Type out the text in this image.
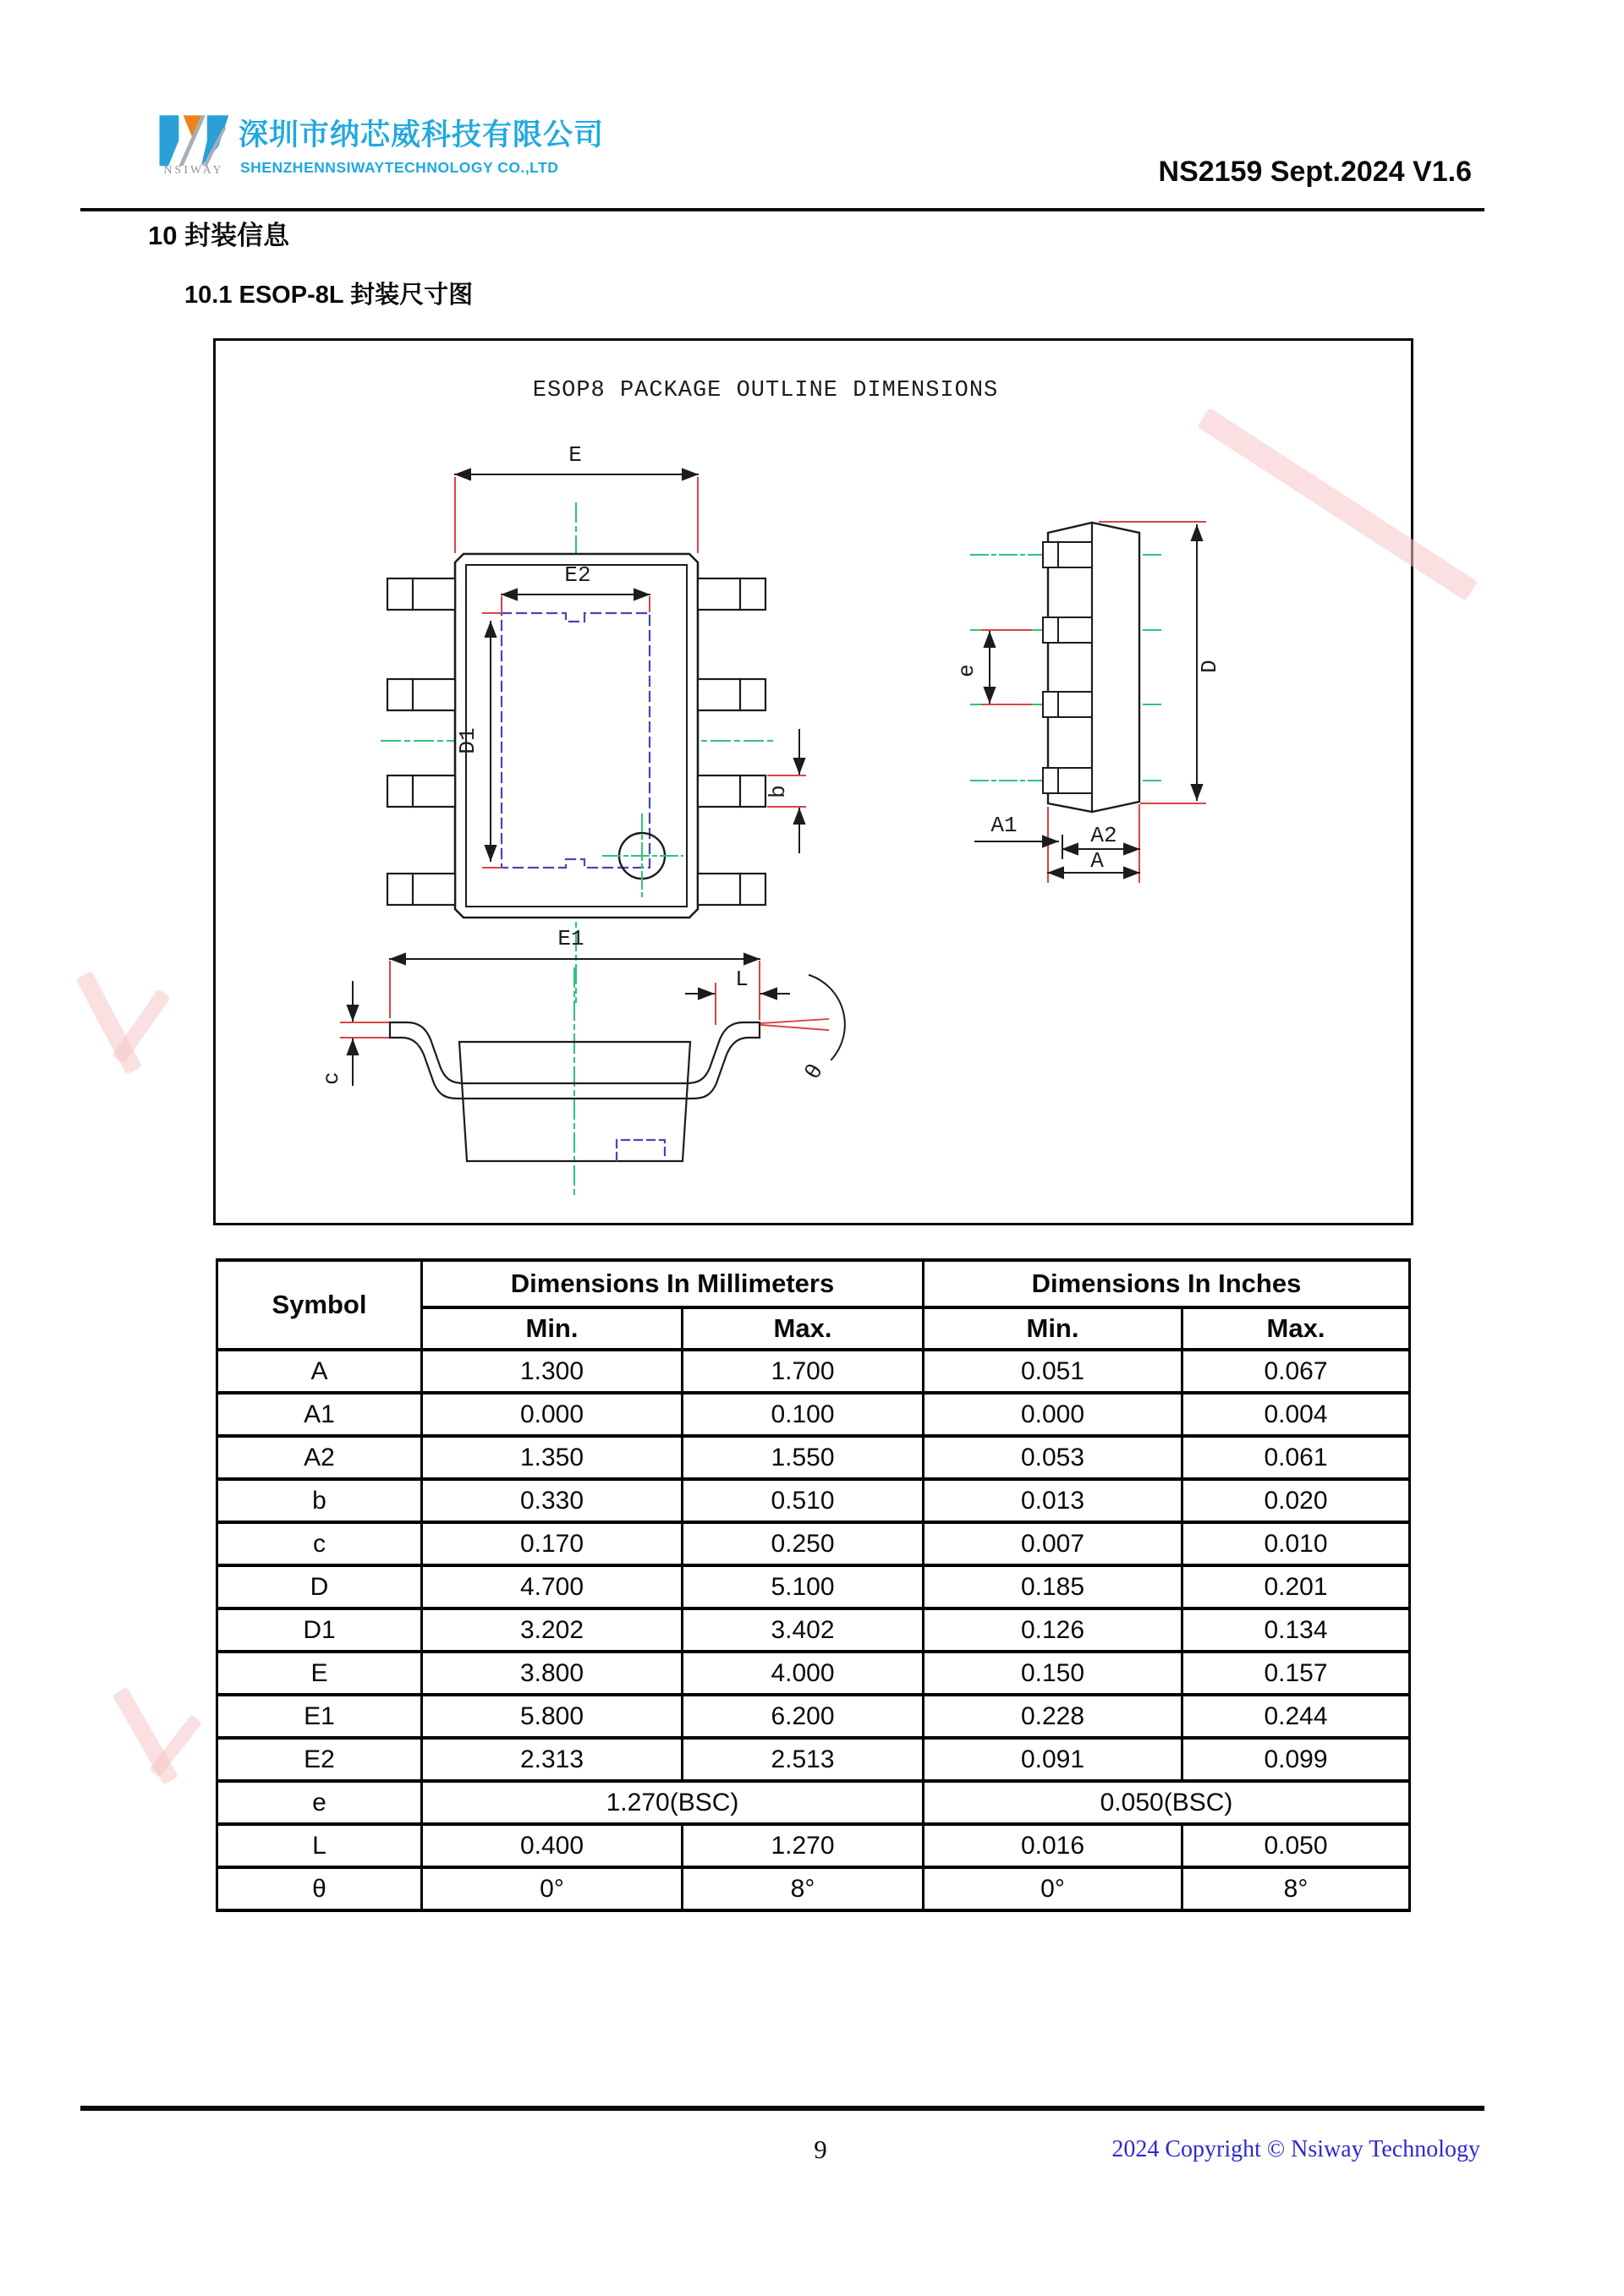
NSIWAY
深圳市纳芯威科技有限公司
SHENZHENNSIWAYTECHNOLOGY CO.,LTD	NS2159 Sept.2024 V1.6
10 封装信息
10.1 ESOP-8L 封装尺寸图
ESOP8 PACKAGE OUTLINE DIMENSIONS
E
E2
D1
b
e	D
A1	A2
A
E1
c
L
θ
Symbol	Dimensions In Millimeters		Dimensions In Inches	
	Min.	Max.	Min.	Max.
A	1.300	1.700	0.051	0.067
A1	0.000	0.100	0.000	0.004
A2	1.350	1.550	0.053	0.061
b	0.330	0.510	0.013	0.020
c	0.170	0.250	0.007	0.010
D	4.700	5.100	0.185	0.201
D1	3.202	3.402	0.126	0.134
E	3.800	4.000	0.150	0.157
E1	5.800	6.200	0.228	0.244
E2	2.313	2.513	0.091	0.099
e	1.270(BSC)		0.050(BSC)	
L	0.400	1.270	0.016	0.050
θ	0°	8°	0°	8°
9	2024 Copyright © Nsiway Technology
